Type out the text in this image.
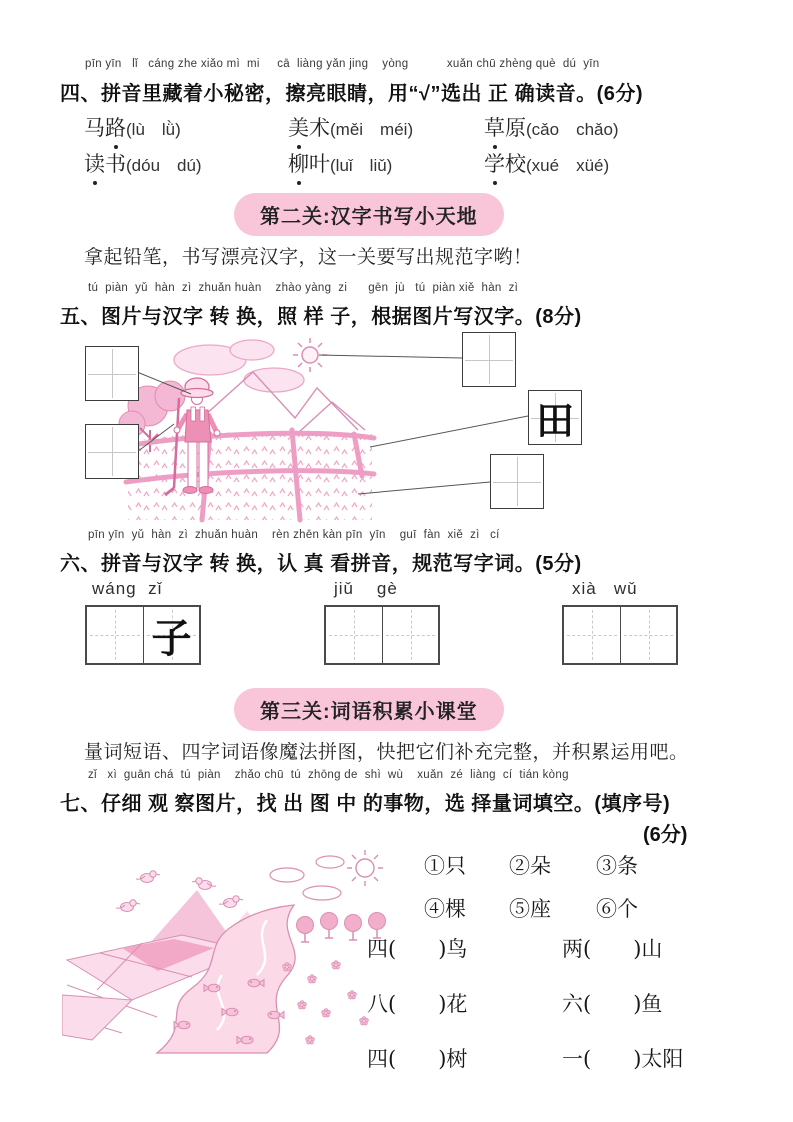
pīn yīn   lǐ   cáng zhe xiǎo mì  mi     cā  liàng yǎn jing    yòng           xuǎn chū zhèng què  dú  yīn
四、拼音里藏着小秘密，擦亮眼睛，用“√”选出 正 确读音。(6分)
马路(lù　lǜ)	美术(měi　méi)	草原(cǎo　chǎo)
读书(dóu　dú)	柳叶(luǐ　liǔ)	学校(xué　xüé)
第二关:汉字书写小天地
拿起铅笔，书写漂亮汉字，这一关要写出规范字哟！
tú  piàn  yǔ  hàn  zì  zhuǎn huàn    zhào yàng  zi      gēn  jù   tú  piàn xiě  hàn  zì
五、图片与汉字 转 换，照 样 子，根据图片写汉字。(8分)
田
pīn yīn  yǔ  hàn  zì  zhuǎn huàn    rèn zhēn kàn pīn  yīn    guī  fàn  xiě  zì   cí
六、拼音与汉字 转 换，认 真 看拼音，规范写字词。(5分)
wáng  zǐ
子
jiǔ    gè	xià   wǔ
第三关:词语积累小课堂
量词短语、四字词语像魔法拼图，快把它们补充完整，并积累运用吧。
zǐ   xì  guān chá  tú  piàn    zhǎo chū  tú  zhōng de  shì  wù    xuǎn  zé  liàng  cí  tián kòng
七、仔细 观 察图片，找 出 图 中 的事物，选 择量词填空。(填序号)
(6分)
①只 ②朵 ③条
④棵 ⑤座 ⑥个
四(　　)鸟	两(　　)山
八(　　)花	六(　　)鱼
四(　　)树	一(　　)太阳
